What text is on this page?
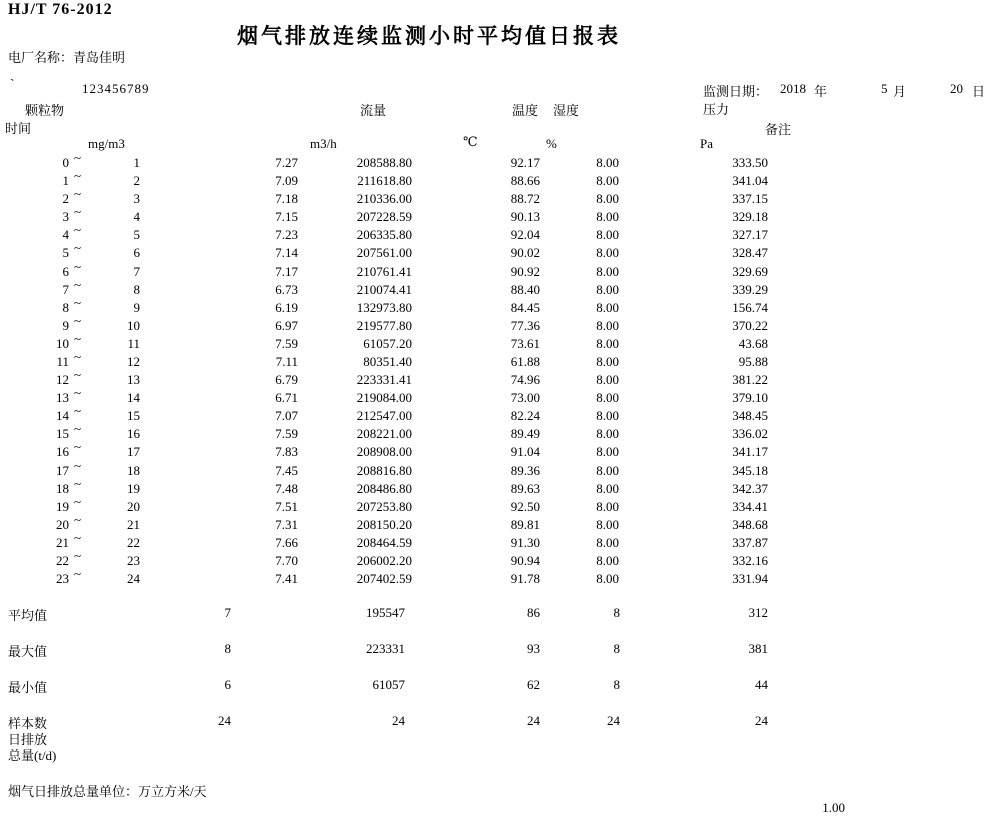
HJ/T 76-2012
烟气排放连续监测小时平均值日报表
电厂名称：青岛佳明
`	123456789	监测日期： 2018 年	5 月	20 日
颗粒物	流量	温度 湿度	压力
时间	备注
mg/m3	m3/h	℃	%	Pa
0 ~	1	7.27	208588.80	92.17	8.00	333.50
1 ~	2	7.09	211618.80	88.66	8.00	341.04
2 ~	3	7.18	210336.00	88.72	8.00	337.15
3 ~	4	7.15	207228.59	90.13	8.00	329.18
4 ~	5	7.23	206335.80	92.04	8.00	327.17
5 ~	6	7.14	207561.00	90.02	8.00	328.47
6 ~	7	7.17	210761.41	90.92	8.00	329.69
7 ~	8	6.73	210074.41	88.40	8.00	339.29
8 ~	9	6.19	132973.80	84.45	8.00	156.74
9 ~	10	6.97	219577.80	77.36	8.00	370.22
10 ~	11	7.59	61057.20	73.61	8.00	43.68
11 ~	12	7.11	80351.40	61.88	8.00	95.88
12 ~	13	6.79	223331.41	74.96	8.00	381.22
13 ~	14	6.71	219084.00	73.00	8.00	379.10
14 ~	15	7.07	212547.00	82.24	8.00	348.45
15 ~	16	7.59	208221.00	89.49	8.00	336.02
16 ~	17	7.83	208908.00	91.04	8.00	341.17
17 ~	18	7.45	208816.80	89.36	8.00	345.18
18 ~	19	7.48	208486.80	89.63	8.00	342.37
19 ~	20	7.51	207253.80	92.50	8.00	334.41
20 ~	21	7.31	208150.20	89.81	8.00	348.68
21 ~	22	7.66	208464.59	91.30	8.00	337.87
22 ~	23	7.70	206002.20	90.94	8.00	332.16
23 ~	24	7.41	207402.59	91.78	8.00	331.94
平均值	7	195547	86	8	312
最大值	8	223331	93	8	381
最小值	6	61057	62	8	44
样本数	24	24	24	24	24
日排放
总量(t/d)
烟气日排放总量单位：万立方米/天
1.00
